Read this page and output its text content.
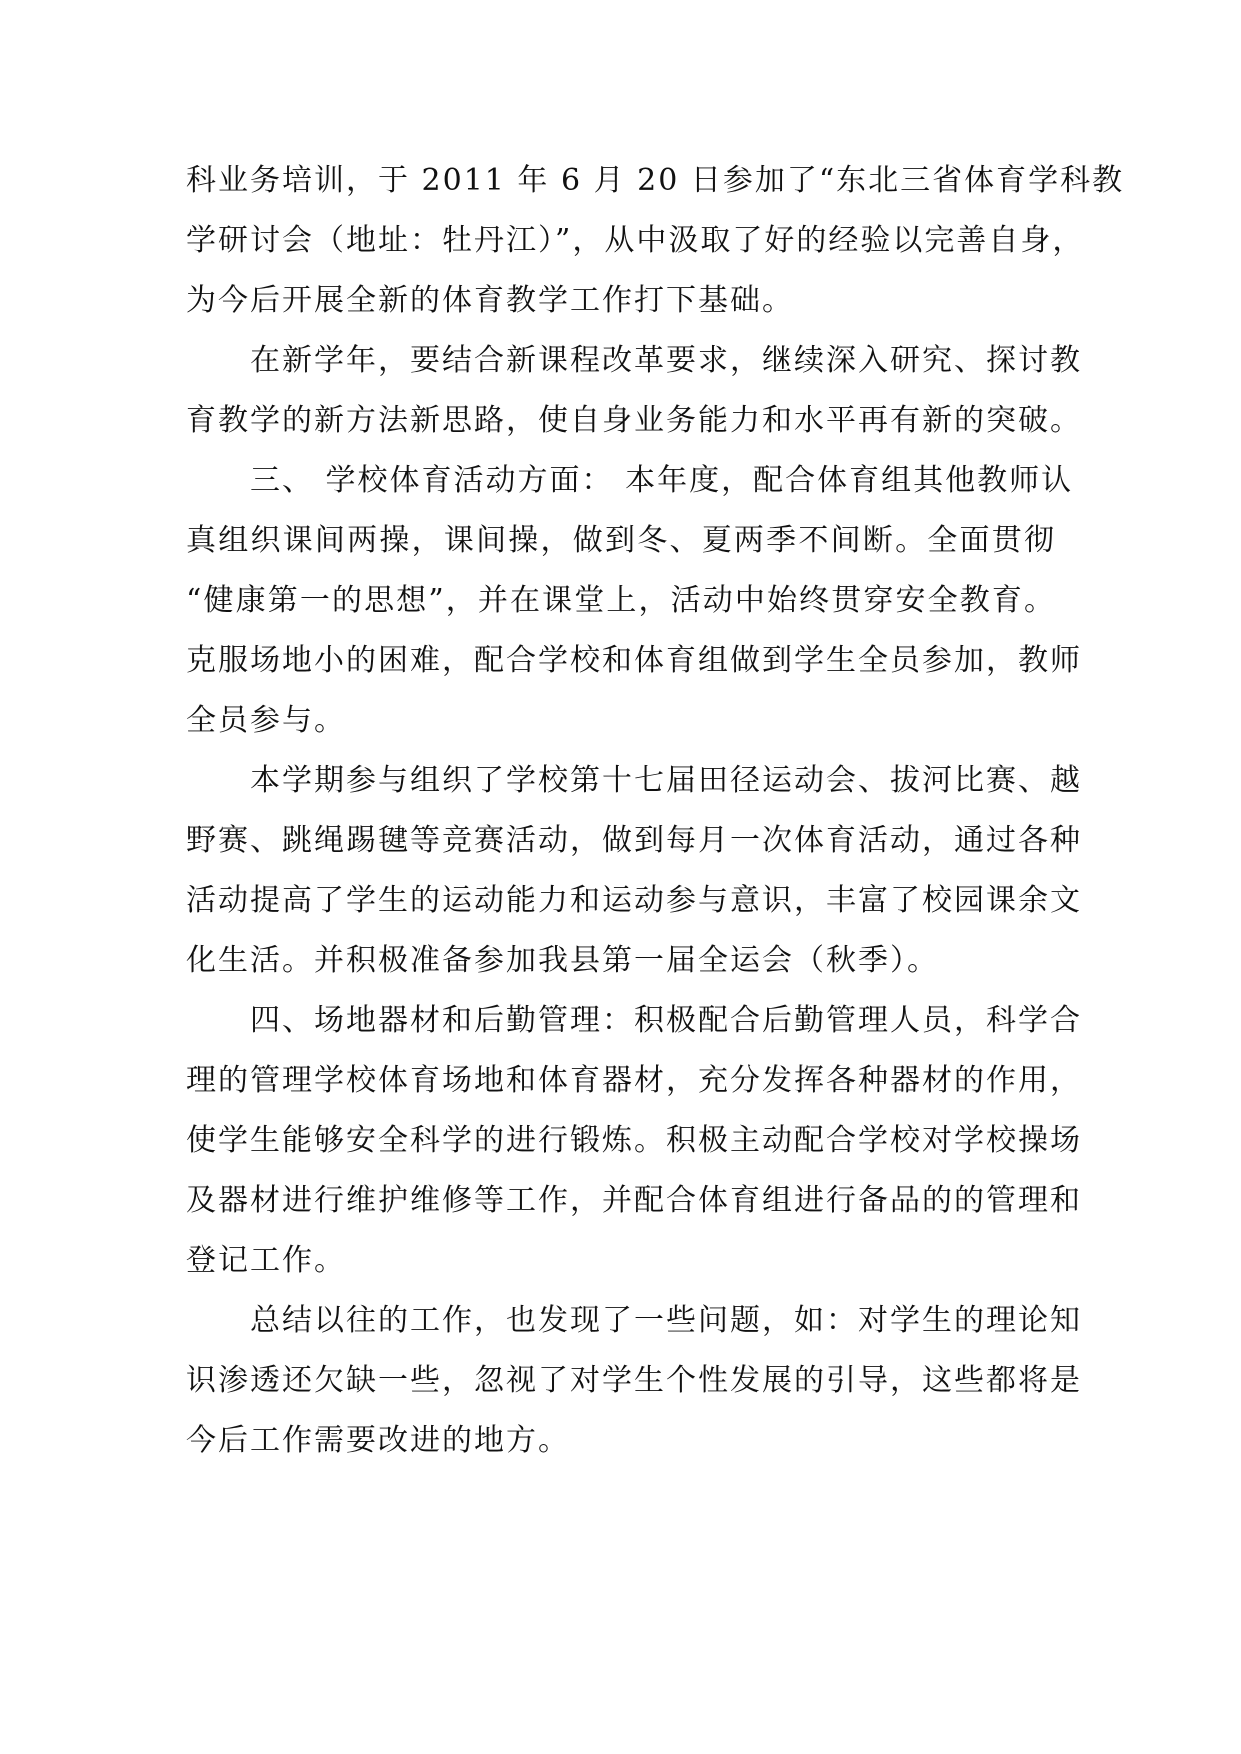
科业务培训，于 2011 年 6 月 20 日参加了“东北三省体育学科教
学研讨会（地址：牡丹江）”，从中汲取了好的经验以完善自身，
为今后开展全新的体育教学工作打下基础。
在新学年，要结合新课程改革要求，继续深入研究、探讨教
育教学的新方法新思路，使自身业务能力和水平再有新的突破。
三、 学校体育活动方面： 本年度，配合体育组其他教师认
真组织课间两操，课间操，做到冬、夏两季不间断。全面贯彻
“健康第一的思想”，并在课堂上，活动中始终贯穿安全教育。
克服场地小的困难，配合学校和体育组做到学生全员参加，教师
全员参与。
本学期参与组织了学校第十七届田径运动会、拔河比赛、越
野赛、跳绳踢毽等竞赛活动，做到每月一次体育活动，通过各种
活动提高了学生的运动能力和运动参与意识，丰富了校园课余文
化生活。并积极准备参加我县第一届全运会（秋季）。
四、场地器材和后勤管理：积极配合后勤管理人员，科学合
理的管理学校体育场地和体育器材，充分发挥各种器材的作用，
使学生能够安全科学的进行锻炼。积极主动配合学校对学校操场
及器材进行维护维修等工作，并配合体育组进行备品的的管理和
登记工作。
总结以往的工作，也发现了一些问题，如：对学生的理论知
识渗透还欠缺一些，忽视了对学生个性发展的引导，这些都将是
今后工作需要改进的地方。
